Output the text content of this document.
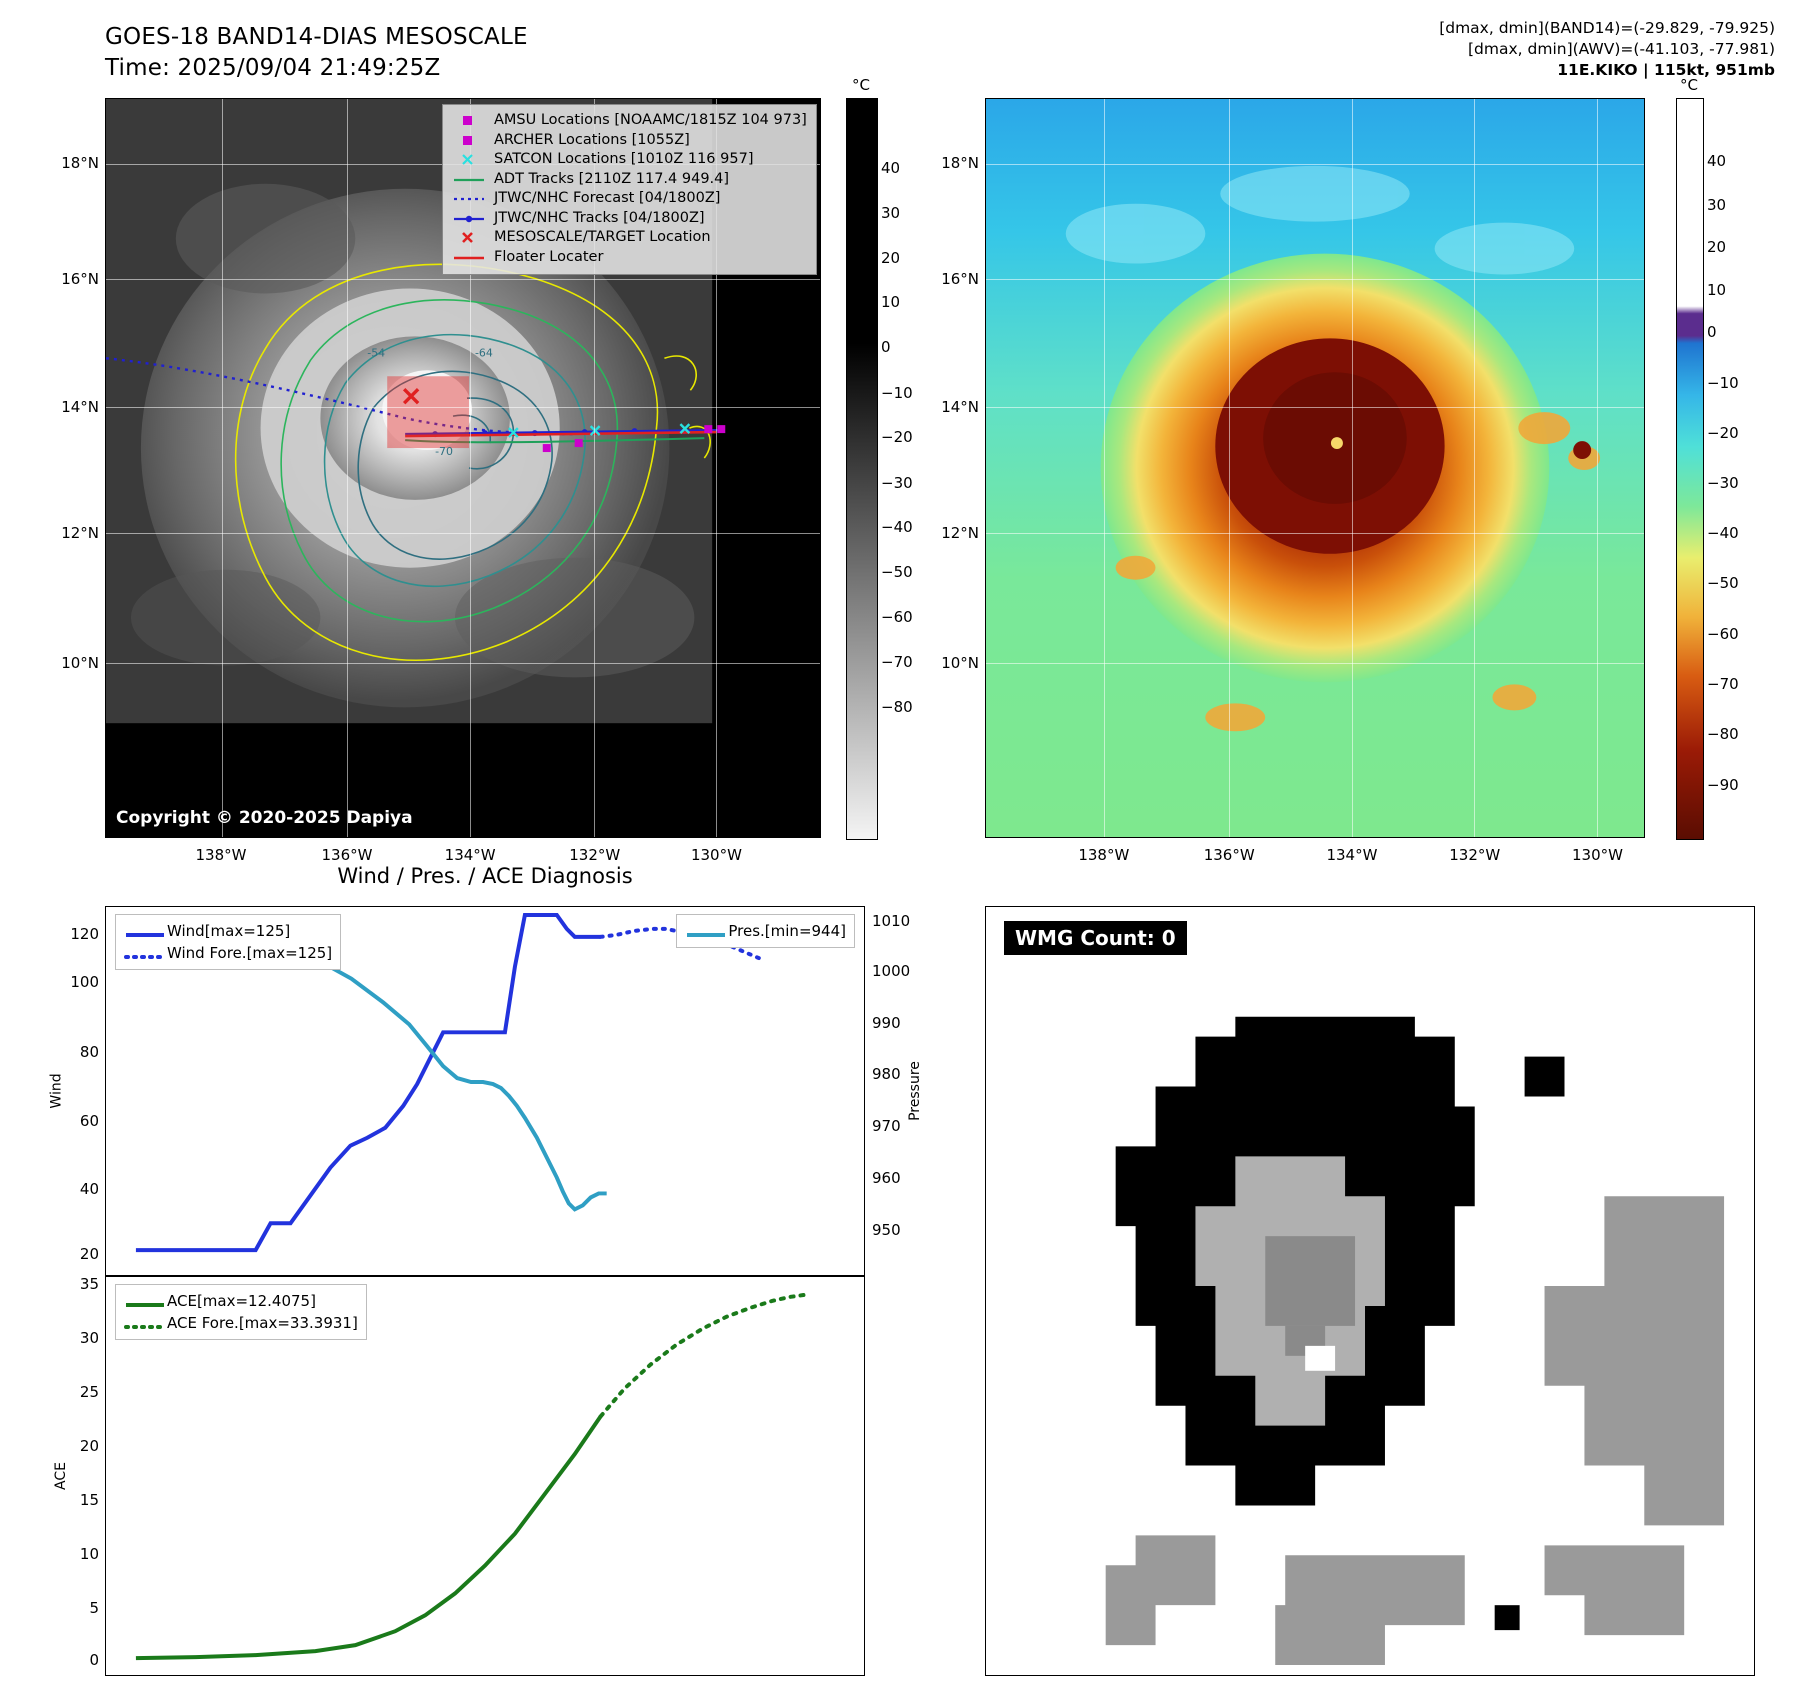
GOES-18 BAND14-DIAS MESOSCALE
Time: 2025/09/04 21:49:25Z
-54	-64
-70
Copyright © 2020-2025 Dapiya
18°N
16°N
14°N
12°N
10°N
138°W	136°W	134°W	132°W	130°W
AMSU Locations [NOAAMC/1815Z 104 973]
ARCHER Locations [1055Z]
SATCON Locations [1010Z 116 957]
ADT Tracks [2110Z 117.4 949.4]
JTWC/NHC Forecast [04/1800Z]
JTWC/NHC Tracks [04/1800Z]
MESOSCALE/TARGET Location
Floater Locater
°C
40
30
20
10
0
−10
−20
−30
−40
−50
−60
−70
−80
[dmax, dmin](BAND14)=(-29.829, -79.925)
[dmax, dmin](AWV)=(-41.103, -77.981)
11E.KIKO | 115kt, 951mb
18°N
16°N
14°N
12°N
10°N
138°W	136°W	134°W	132°W	130°W
°C
40
30
20
10
0
−10
−20
−30
−40
−50
−60
−70
−80
−90
Wind / Pres. / ACE Diagnosis
120
100
80
60
40
20
1010
1000
990
980
970
960
950
Wind	Pressure
Wind[max=125]
Wind Fore.[max=125]
Pres.[min=944]
35
30
25
20
15
10
5
0
ACE
ACE[max=12.4075]
ACE Fore.[max=33.3931]
WMG Count: 0
